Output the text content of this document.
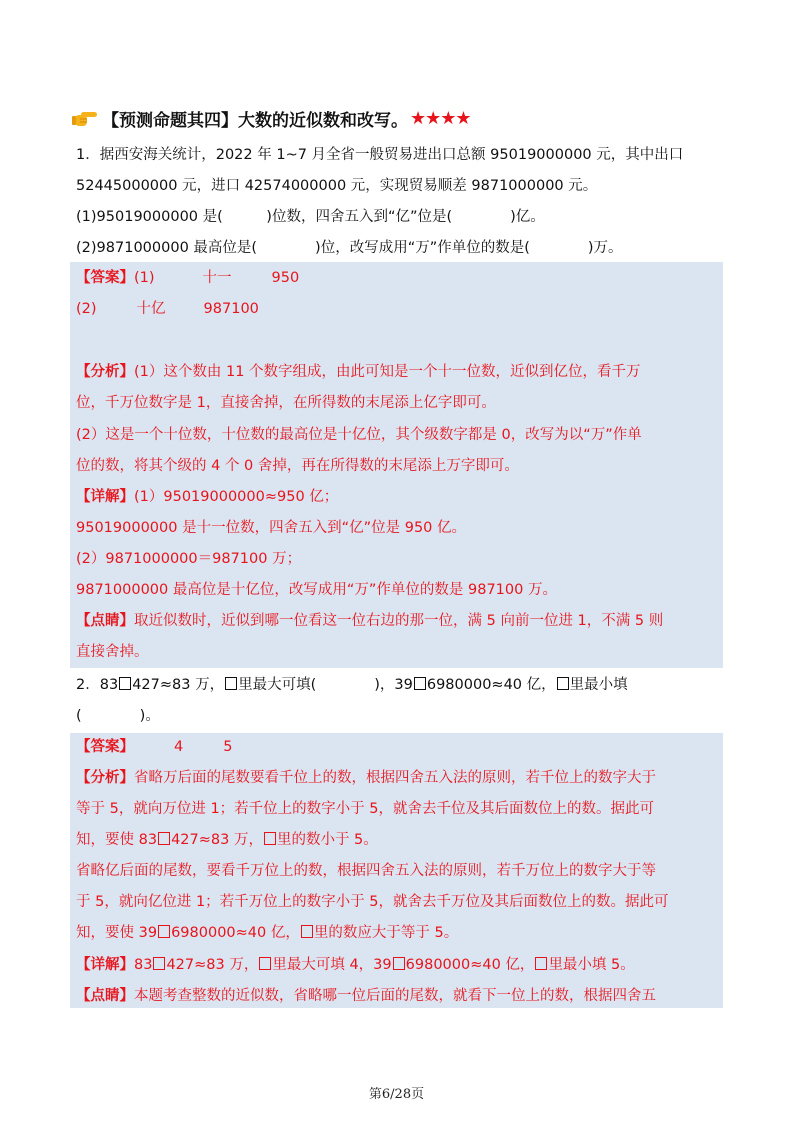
【预测命题其四】大数的近似数和改写。 ★★★★
1．据西安海关统计，2022 年 1~7 月全省一般贸易进出口总额 95019000000 元，其中出口
52445000000 元，进口 42574000000 元，实现贸易顺差 9871000000 元。
(1)95019000000 是(　　　)位数，四舍五入到“亿”位是(　　　　)亿。
(2)9871000000 最高位是(　　　　)位，改写成用“万”作单位的数是(　　　　)万。
【答案】(1)	十一	950
(2)	十亿	987100
【分析】(1）这个数由 11 个数字组成，由此可知是一个十一位数，近似到亿位，看千万
位，千万位数字是 1，直接舍掉，在所得数的末尾添上亿字即可。
(2）这是一个十位数，十位数的最高位是十亿位，其个级数字都是 0，改写为以“万”作单
位的数，将其个级的 4 个 0 舍掉，再在所得数的末尾添上万字即可。
【详解】(1）95019000000≈950 亿；
95019000000 是十一位数，四舍五入到“亿”位是 950 亿。
(2）9871000000＝987100 万；
9871000000 最高位是十亿位，改写成用“万”作单位的数是 987100 万。
【点睛】取近似数时，近似到哪一位看这一位右边的那一位，满 5 向前一位进 1，不满 5 则
直接舍掉。
2．83 427≈83 万， 里最大可填(　　　　)，39 6980000≈40 亿， 里最小填
(　　　　)。
【答案】	4	5
【分析】省略万后面的尾数要看千位上的数，根据四舍五入法的原则，若千位上的数字大于
等于 5，就向万位进 1；若千位上的数字小于 5，就舍去千位及其后面数位上的数。据此可
知，要使 83 427≈83 万， 里的数小于 5。
省略亿后面的尾数，要看千万位上的数，根据四舍五入法的原则，若千万位上的数字大于等
于 5，就向亿位进 1；若千万位上的数字小于 5，就舍去千万位及其后面数位上的数。据此可
知，要使 39 6980000≈40 亿， 里的数应大于等于 5。
【详解】83 427≈83 万， 里最大可填 4，39 6980000≈40 亿， 里最小填 5。
【点睛】本题考查整数的近似数，省略哪一位后面的尾数，就看下一位上的数，根据四舍五
第6/28页
